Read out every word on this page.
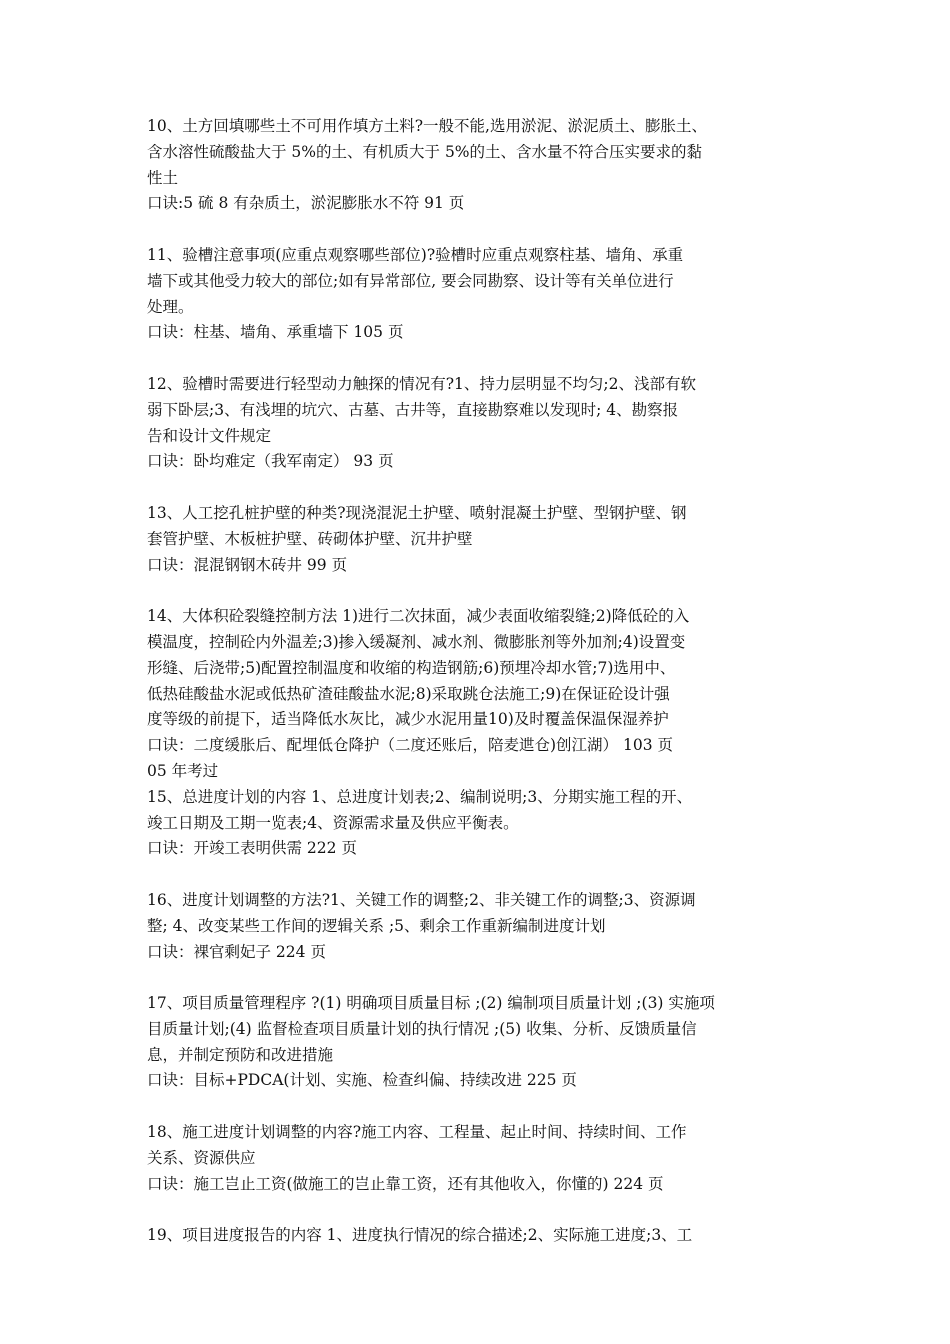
10、土方回填哪些土不可用作填方土料?一般不能,选用淤泥、淤泥质土、膨胀土、
含水溶性硫酸盐大于 5%的土、有机质大于 5%的土、含水量不符合压实要求的黏
性土
口诀:5 硫 8 有杂质土，淤泥膨胀水不符 91 页
11、验槽注意事项(应重点观察哪些部位)?验槽时应重点观察柱基、墙角、承重
墙下或其他受力较大的部位;如有异常部位, 要会同勘察、设计等有关单位进行
处理。
口诀：柱基、墙角、承重墙下 105 页
12、验槽时需要进行轻型动力触探的情况有?1、持力层明显不均匀;2、浅部有软
弱下卧层;3、有浅埋的坑穴、古墓、古井等，直接勘察难以发现时; 4、勘察报
告和设计文件规定
口诀：卧均难定（我军南定） 93 页
13、人工挖孔桩护壁的种类?现浇混泥土护壁、喷射混凝土护壁、型钢护壁、钢
套管护壁、木板桩护壁、砖砌体护壁、沉井护壁
口诀：混混钢钢木砖井 99 页
14、大体积砼裂缝控制方法 1)进行二次抹面，减少表面收缩裂缝;2)降低砼的入
模温度，控制砼内外温差;3)掺入缓凝剂、减水剂、微膨胀剂等外加剂;4)设置变
形缝、后浇带;5)配置控制温度和收缩的构造钢筋;6)预埋冷却水管;7)选用中、
低热硅酸盐水泥或低热矿渣硅酸盐水泥;8)采取跳仓法施工;9)在保证砼设计强
度等级的前提下，适当降低水灰比，减少水泥用量10)及时覆盖保温保湿养护
口诀：二度缓胀后、配埋低仓降护（二度还账后，陪麦迣仓)创江湖） 103 页
05 年考过
15、总进度计划的内容 1、总进度计划表;2、编制说明;3、分期实施工程的开、
竣工日期及工期一览表;4、资源需求量及供应平衡表。
口诀：开竣工表明供需 222 页
16、进度计划调整的方法?1、关键工作的调整;2、非关键工作的调整;3、资源调
整; 4、改变某些工作间的逻辑关系 ;5、剩余工作重新编制进度计划
口诀：裸官剩妃子 224 页
17、项目质量管理程序 ?(1) 明确项目质量目标 ;(2) 编制项目质量计划 ;(3) 实施项
目质量计划;(4) 监督检查项目质量计划的执行情况 ;(5) 收集、分析、反馈质量信
息，并制定预防和改进措施
口诀：目标+PDCA(计划、实施、检查纠偏、持续改进 225 页
18、施工进度计划调整的内容?施工内容、工程量、起止时间、持续时间、工作
关系、资源供应
口诀：施工岂止工资(做施工的岂止靠工资，还有其他收入，你懂的) 224 页
19、项目进度报告的内容 1、进度执行情况的综合描述;2、实际施工进度;3、工
